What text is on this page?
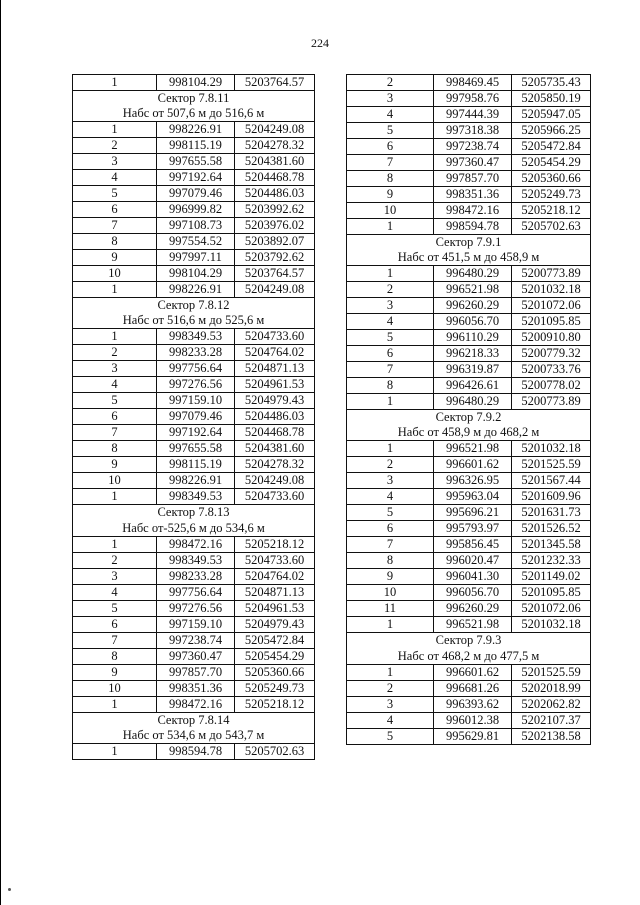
224
1	998104.29	5203764.57
Сектор 7.8.11		
Набс от 507,6 м до 516,6 м		
1	998226.91	5204249.08
2	998115.19	5204278.32
3	997655.58	5204381.60
4	997192.64	5204468.78
5	997079.46	5204486.03
6	996999.82	5203992.62
7	997108.73	5203976.02
8	997554.52	5203892.07
9	997997.11	5203792.62
10	998104.29	5203764.57
1	998226.91	5204249.08
Сектор 7.8.12		
Набс от 516,6 м до 525,6 м		
1	998349.53	5204733.60
2	998233.28	5204764.02
3	997756.64	5204871.13
4	997276.56	5204961.53
5	997159.10	5204979.43
6	997079.46	5204486.03
7	997192.64	5204468.78
8	997655.58	5204381.60
9	998115.19	5204278.32
10	998226.91	5204249.08
1	998349.53	5204733.60
Сектор 7.8.13		
Набс от-525,6 м до 534,6 м		
1	998472.16	5205218.12
2	998349.53	5204733.60
3	998233.28	5204764.02
4	997756.64	5204871.13
5	997276.56	5204961.53
6	997159.10	5204979.43
7	997238.74	5205472.84
8	997360.47	5205454.29
9	997857.70	5205360.66
10	998351.36	5205249.73
1	998472.16	5205218.12
Сектор 7.8.14		
Набс от 534,6 м до 543,7 м		
1	998594.78	5205702.63
2	998469.45	5205735.43
3	997958.76	5205850.19
4	997444.39	5205947.05
5	997318.38	5205966.25
6	997238.74	5205472.84
7	997360.47	5205454.29
8	997857.70	5205360.66
9	998351.36	5205249.73
10	998472.16	5205218.12
1	998594.78	5205702.63
Сектор 7.9.1		
Набс от 451,5 м до 458,9 м		
1	996480.29	5200773.89
2	996521.98	5201032.18
3	996260.29	5201072.06
4	996056.70	5201095.85
5	996110.29	5200910.80
6	996218.33	5200779.32
7	996319.87	5200733.76
8	996426.61	5200778.02
1	996480.29	5200773.89
Сектор 7.9.2		
Набс от 458,9 м до 468,2 м		
1	996521.98	5201032.18
2	996601.62	5201525.59
3	996326.95	5201567.44
4	995963.04	5201609.96
5	995696.21	5201631.73
6	995793.97	5201526.52
7	995856.45	5201345.58
8	996020.47	5201232.33
9	996041.30	5201149.02
10	996056.70	5201095.85
11	996260.29	5201072.06
1	996521.98	5201032.18
Сектор 7.9.3		
Набс от 468,2 м до 477,5 м		
1	996601.62	5201525.59
2	996681.26	5202018.99
3	996393.62	5202062.82
4	996012.38	5202107.37
5	995629.81	5202138.58
